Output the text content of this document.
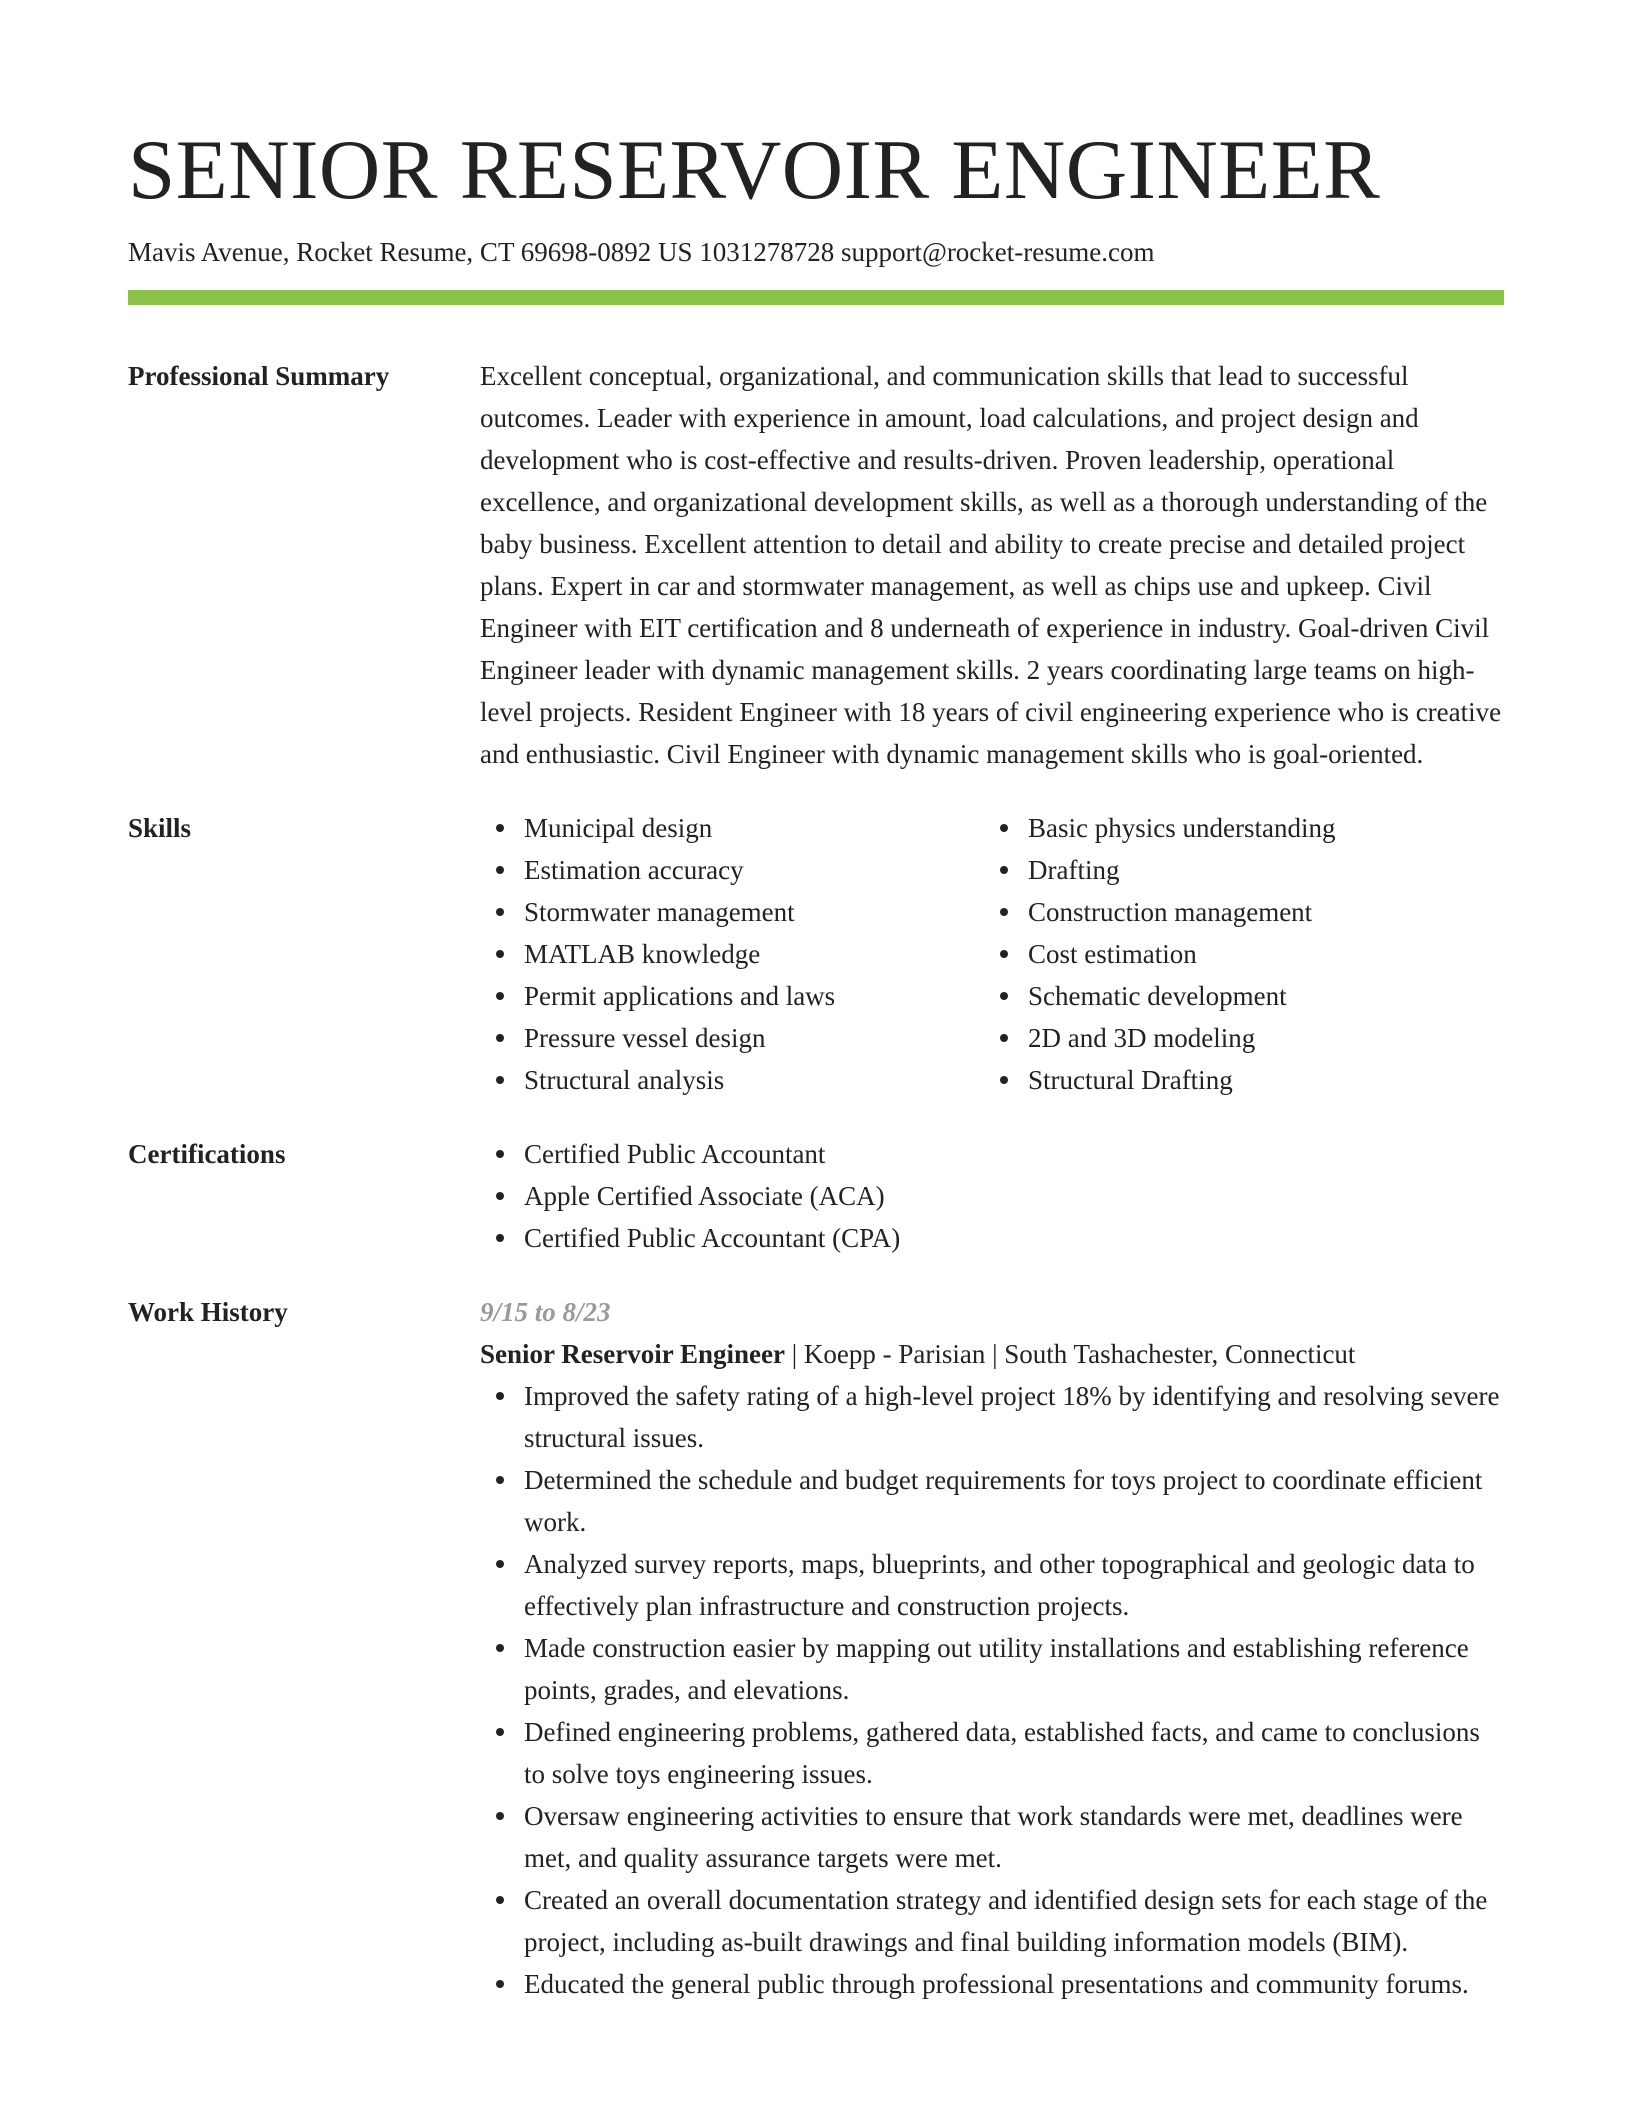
SENIOR RESERVOIR ENGINEER
Mavis Avenue, Rocket Resume, CT 69698-0892 US 1031278728 support@rocket-resume.com
Professional Summary	Excellent conceptual, organizational, and communication skills that lead to successful outcomes. Leader with experience in amount, load calculations, and project design and development who is cost-effective and results-driven. Proven leadership, operational excellence, and organizational development skills, as well as a thorough understanding of the baby business. Excellent attention to detail and ability to create precise and detailed project plans. Expert in car and stormwater management, as well as chips use and upkeep. Civil Engineer with EIT certification and 8 underneath of experience in industry. Goal-driven Civil Engineer leader with dynamic management skills. 2 years coordinating large teams on high-level projects. Resident Engineer with 18 years of civil engineering experience who is creative and enthusiastic. Civil Engineer with dynamic management skills who is goal-oriented.
Skills	Municipal design
Estimation accuracy
Stormwater management
MATLAB knowledge
Permit applications and laws
Pressure vessel design
Structural analysis
Basic physics understanding
Drafting
Construction management
Cost estimation
Schematic development
2D and 3D modeling
Structural Drafting
Certifications	Certified Public Accountant
Apple Certified Associate (ACA)
Certified Public Accountant (CPA)
Work History	9/15 to 8/23
Senior Reservoir Engineer | Koepp - Parisian | South Tashachester, Connecticut
Improved the safety rating of a high-level project 18% by identifying and resolving severe structural issues.
Determined the schedule and budget requirements for toys project to coordinate efficient work.
Analyzed survey reports, maps, blueprints, and other topographical and geologic data to effectively plan infrastructure and construction projects.
Made construction easier by mapping out utility installations and establishing reference points, grades, and elevations.
Defined engineering problems, gathered data, established facts, and came to conclusions to solve toys engineering issues.
Oversaw engineering activities to ensure that work standards were met, deadlines were met, and quality assurance targets were met.
Created an overall documentation strategy and identified design sets for each stage of the project, including as-built drawings and final building information models (BIM).
Educated the general public through professional presentations and community forums.
